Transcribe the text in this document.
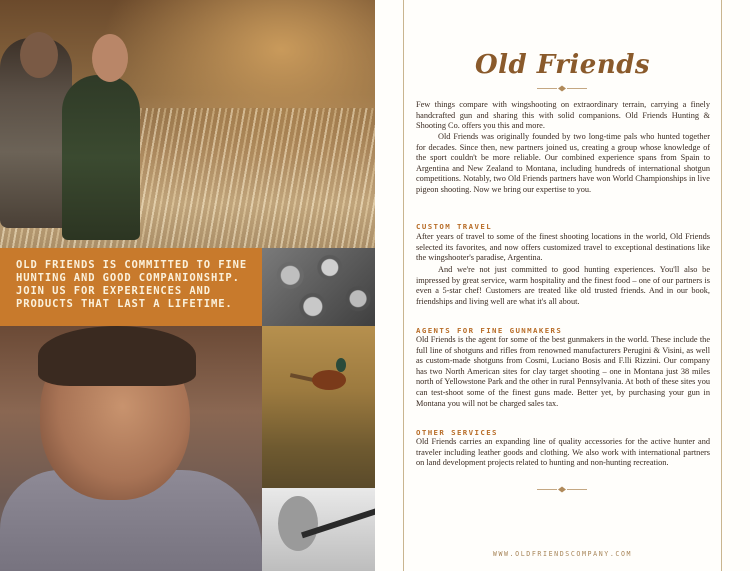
OLD FRIENDS IS COMMITTED TO FINE HUNTING AND GOOD COMPANIONSHIP. JOIN US FOR EXPERIENCES AND PRODUCTS THAT LAST A LIFETIME.

Old Friends

Few things compare with wingshooting on extraordinary terrain, carrying a finely handcrafted gun and sharing this with solid companions. Old Friends Hunting & Shooting Co. offers you this and more.

Old Friends was originally founded by two long-time pals who hunted together for decades. Since then, new partners joined us, creating a group whose knowledge of the sport couldn't be more reliable. Our combined experience spans from Spain to Argentina and New Zealand to Montana, including hundreds of international shotgun competitions. Notably, two Old Friends partners have won World Championships in live pigeon shooting. Now we bring our expertise to you.

CUSTOM TRAVEL

After years of travel to some of the finest shooting locations in the world, Old Friends selected its favorites, and now offers customized travel to exceptional destinations like the wingshooter's paradise, Argentina.

And we're not just committed to good hunting experiences. You'll also be impressed by great service, warm hospitality and the finest food – one of our partners is even a 5-star chef! Customers are treated like old trusted friends. And in our book, friendships and living well are what it's all about.

AGENTS FOR FINE GUNMAKERS

Old Friends is the agent for some of the best gunmakers in the world. These include the full line of shotguns and rifles from renowned manufacturers Perugini & Visini, as well as custom-made shotguns from Cosmi, Luciano Bosis and F.lli Rizzini. Our company has two North American sites for clay target shooting – one in Montana just 38 miles north of Yellowstone Park and the other in rural Pennsylvania. At both of these sites you can test-shoot some of the finest guns made. Better yet, by purchasing your gun in Montana you will not be charged sales tax.

OTHER SERVICES

Old Friends carries an expanding line of quality accessories for the active hunter and traveler including leather goods and clothing. We also work with international partners on land development projects related to hunting and non-hunting recreation.

WWW.OLDFRIENDSCOMPANY.COM
